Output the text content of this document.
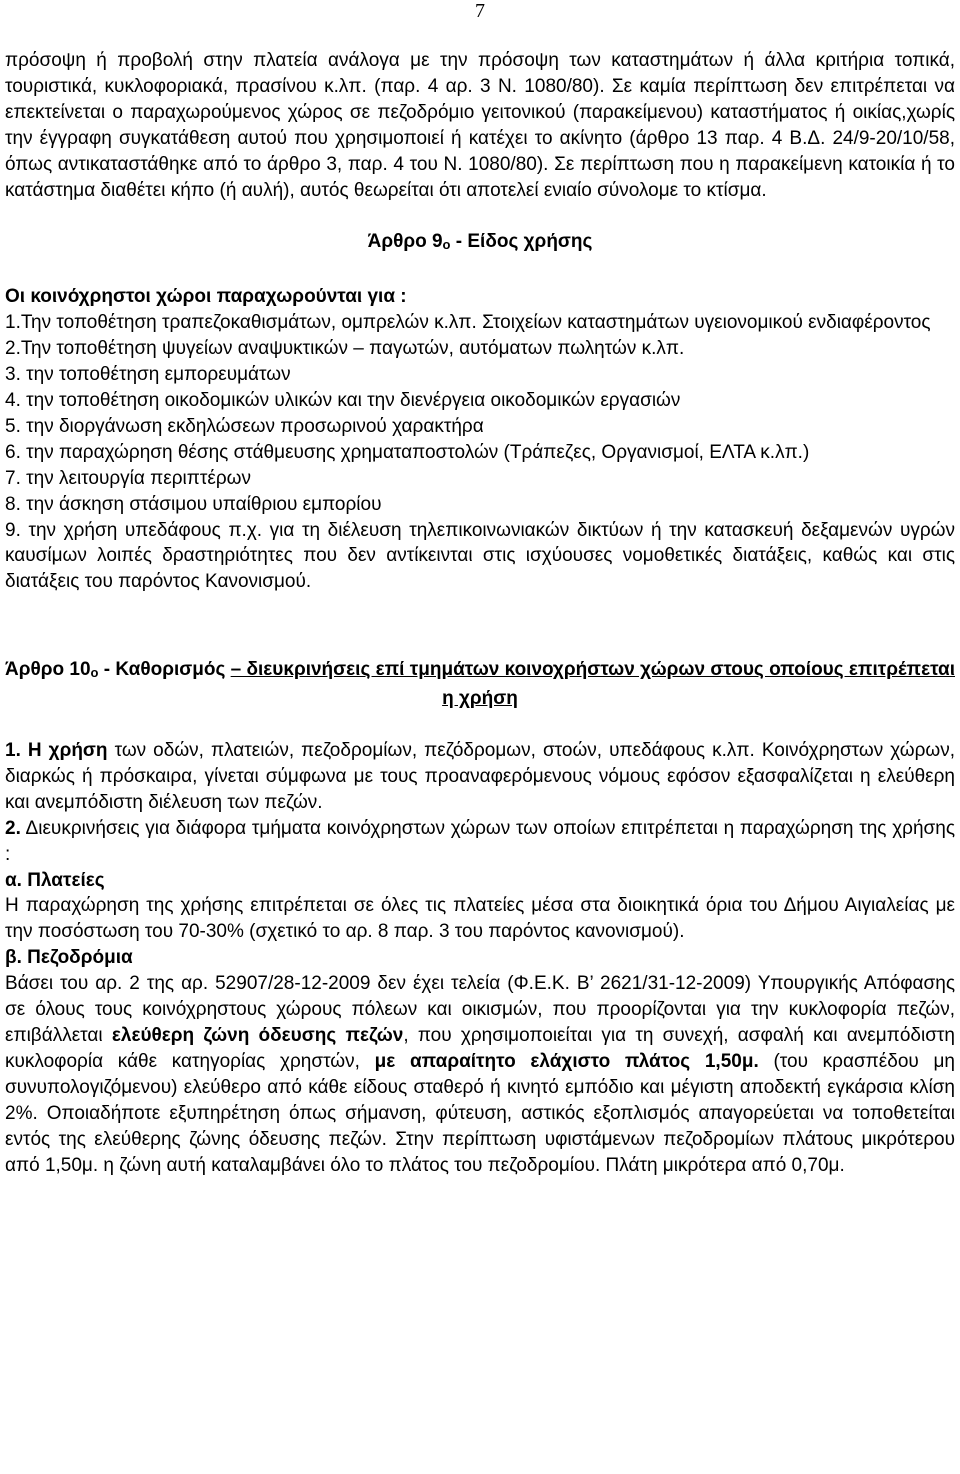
7

πρόσοψη ή προβολή στην πλατεία ανάλογα με την πρόσοψη των καταστημάτων ή άλλα κριτήρια τοπικά, τουριστικά, κυκλοφοριακά, πρασίνου κ.λπ. (παρ. 4 αρ. 3 Ν. 1080/80). Σε καμία περίπτωση δεν επιτρέπεται να επεκτείνεται ο παραχωρούμενος χώρος σε πεζοδρόμιο γειτονικού (παρακείμενου) καταστήματος ή οικίας,χωρίς την έγγραφη συγκατάθεση αυτού που χρησιμοποιεί ή κατέχει το ακίνητο (άρθρο 13 παρ. 4 Β.Δ. 24/9-20/10/58, όπως αντικαταστάθηκε από το άρθρο 3, παρ. 4 του Ν. 1080/80). Σε περίπτωση που η παρακείμενη κατοικία ή το κατάστημα διαθέτει κήπο (ή αυλή), αυτός θεωρείται ότι αποτελεί ενιαίο σύνολομε το κτίσμα.

Άρθρο $9_o$ - Είδος χρήσης

Οι κοινόχρηστοι χώροι παραχωρούνται για :

1.Την τοποθέτηση τραπεζοκαθισμάτων, ομπρελών κ.λπ. Στοιχείων καταστημάτων υγειονομικού ενδιαφέροντος

2.Την τοποθέτηση ψυγείων αναψυκτικών – παγωτών, αυτόματων πωλητών κ.λπ.

3. την τοποθέτηση εμπορευμάτων

4. την τοποθέτηση οικοδομικών υλικών και την διενέργεια οικοδομικών εργασιών

5. την διοργάνωση εκδηλώσεων προσωρινού χαρακτήρα

6. την παραχώρηση θέσης στάθμευσης χρηματαποστολών (Τράπεζες, Οργανισμοί, ΕΛΤΑ κ.λπ.)

7. την λειτουργία περιπτέρων

8. την άσκηση στάσιμου υπαίθριου εμπορίου

9. την χρήση υπεδάφους π.χ. για τη διέλευση τηλεπικοινωνιακών δικτύων ή την κατασκευή δεξαμενών υγρών καυσίμων λοιπές δραστηριότητες που δεν αντίκεινται στις ισχύουσες νομοθετικές διατάξεις, καθώς και στις διατάξεις του παρόντος Κανονισμού.

Άρθρο $10_o$ - Καθορισμός – διευκρινήσεις επί τμημάτων κοινοχρήστων χώρων στους οποίους επιτρέπεται η χρήση

1. Η χρήση των οδών, πλατειών, πεζοδρομίων, πεζόδρομων, στοών, υπεδάφους κ.λπ. Κοινόχρηστων χώρων, διαρκώς ή πρόσκαιρα, γίνεται σύμφωνα με τους προαναφερόμενους νόμους εφόσον εξασφαλίζεται η ελεύθερη και ανεμπόδιστη διέλευση των πεζών.

2. Διευκρινήσεις για διάφορα τμήματα κοινόχρηστων χώρων των οποίων επιτρέπεται η παραχώρηση της χρήσης :

α. Πλατείες

Η παραχώρηση της χρήσης επιτρέπεται σε όλες τις πλατείες μέσα στα διοικητικά όρια του Δήμου Αιγιαλείας με την ποσόστωση του 70-30% (σχετικό το αρ. 8 παρ. 3 του παρόντος κανονισμού).

β. Πεζοδρόμια

Βάσει του αρ. 2 της αρ. 52907/28-12-2009 δεν έχει τελεία (Φ.Ε.Κ. Β’ 2621/31-12-2009) Υπουργικής Απόφασης σε όλους τους κοινόχρηστους χώρους πόλεων και οικισμών, που προορίζονται για την κυκλοφορία πεζών, επιβάλλεται ελεύθερη ζώνη όδευσης πεζών, που χρησιμοποιείται για τη συνεχή, ασφαλή και ανεμπόδιστη κυκλοφορία κάθε κατηγορίας χρηστών, με απαραίτητο ελάχιστο πλάτος 1,50μ. (του κρασπέδου μη συνυπολογιζόμενου) ελεύθερο από κάθε είδους σταθερό ή κινητό εμπόδιο και μέγιστη αποδεκτή εγκάρσια κλίση 2%. Οποιαδήποτε εξυπηρέτηση όπως σήμανση, φύτευση, αστικός εξοπλισμός απαγορεύεται να τοποθετείται εντός της ελεύθερης ζώνης όδευσης πεζών. Στην περίπτωση υφιστάμενων πεζοδρομίων πλάτους μικρότερου από 1,50μ. η ζώνη αυτή καταλαμβάνει όλο το πλάτος του πεζοδρομίου. Πλάτη μικρότερα από 0,70μ.
